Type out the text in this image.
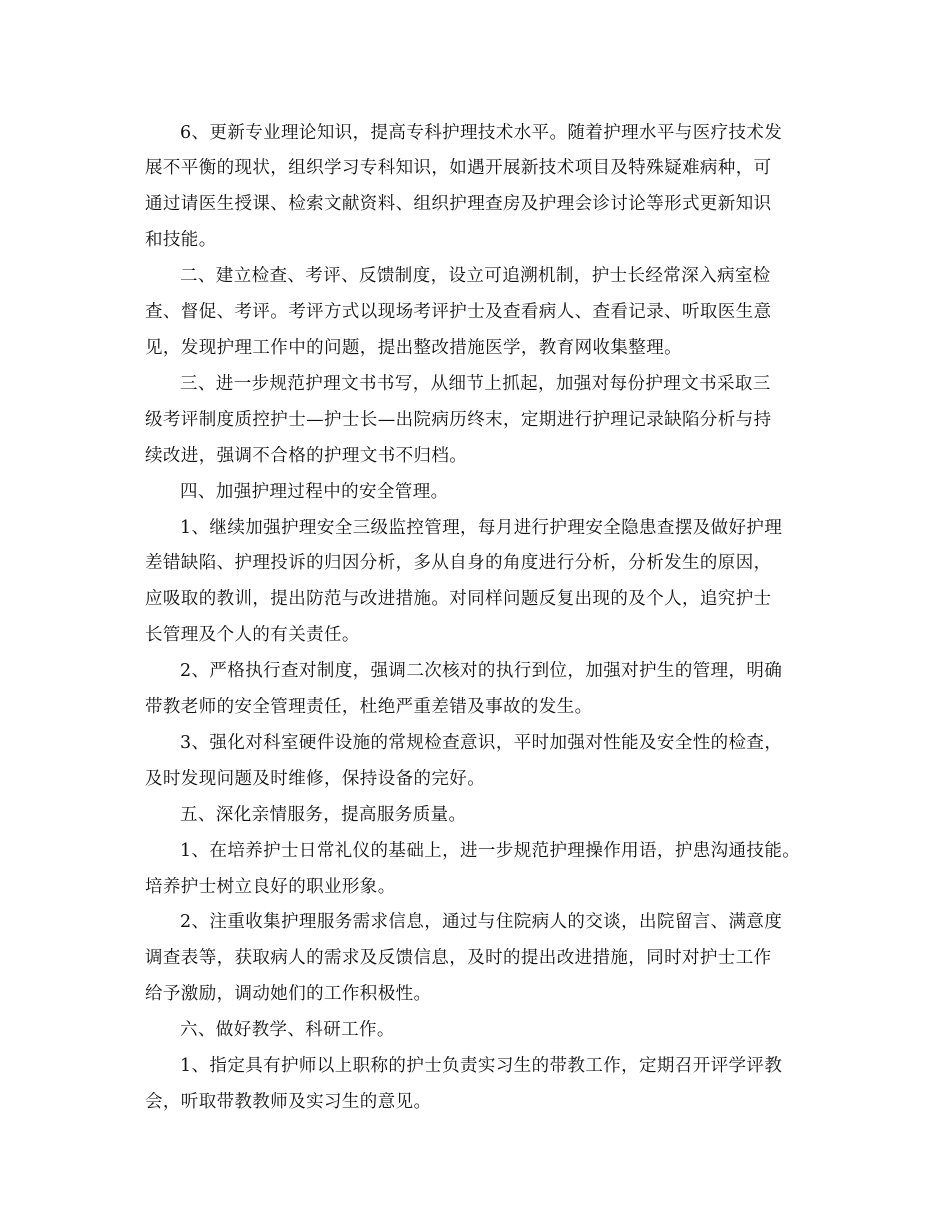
6、更新专业理论知识，提高专科护理技术水平。随着护理水平与医疗技术发
展不平衡的现状，组织学习专科知识，如遇开展新技术项目及特殊疑难病种，可
通过请医生授课、检索文献资料、组织护理查房及护理会诊讨论等形式更新知识
和技能。
二、建立检查、考评、反馈制度，设立可追溯机制，护士长经常深入病室检
查、督促、考评。考评方式以现场考评护士及查看病人、查看记录、听取医生意
见，发现护理工作中的问题，提出整改措施医学，教育网收集整理。
三、进一步规范护理文书书写，从细节上抓起，加强对每份护理文书采取三
级考评制度质控护士—护士长—出院病历终末，定期进行护理记录缺陷分析与持
续改进，强调不合格的护理文书不归档。
四、加强护理过程中的安全管理。
1、继续加强护理安全三级监控管理，每月进行护理安全隐患查摆及做好护理
差错缺陷、护理投诉的归因分析，多从自身的角度进行分析，分析发生的原因，
应吸取的教训，提出防范与改进措施。对同样问题反复出现的及个人，追究护士
长管理及个人的有关责任。
2、严格执行查对制度，强调二次核对的执行到位，加强对护生的管理，明确
带教老师的安全管理责任，杜绝严重差错及事故的发生。
3、强化对科室硬件设施的常规检查意识，平时加强对性能及安全性的检查，
及时发现问题及时维修，保持设备的完好。
五、深化亲情服务，提高服务质量。
1、在培养护士日常礼仪的基础上，进一步规范护理操作用语，护患沟通技能。
培养护士树立良好的职业形象。
2、注重收集护理服务需求信息，通过与住院病人的交谈，出院留言、满意度
调查表等，获取病人的需求及反馈信息，及时的提出改进措施，同时对护士工作
给予激励，调动她们的工作积极性。
六、做好教学、科研工作。
1、指定具有护师以上职称的护士负责实习生的带教工作，定期召开评学评教
会，听取带教教师及实习生的意见。
